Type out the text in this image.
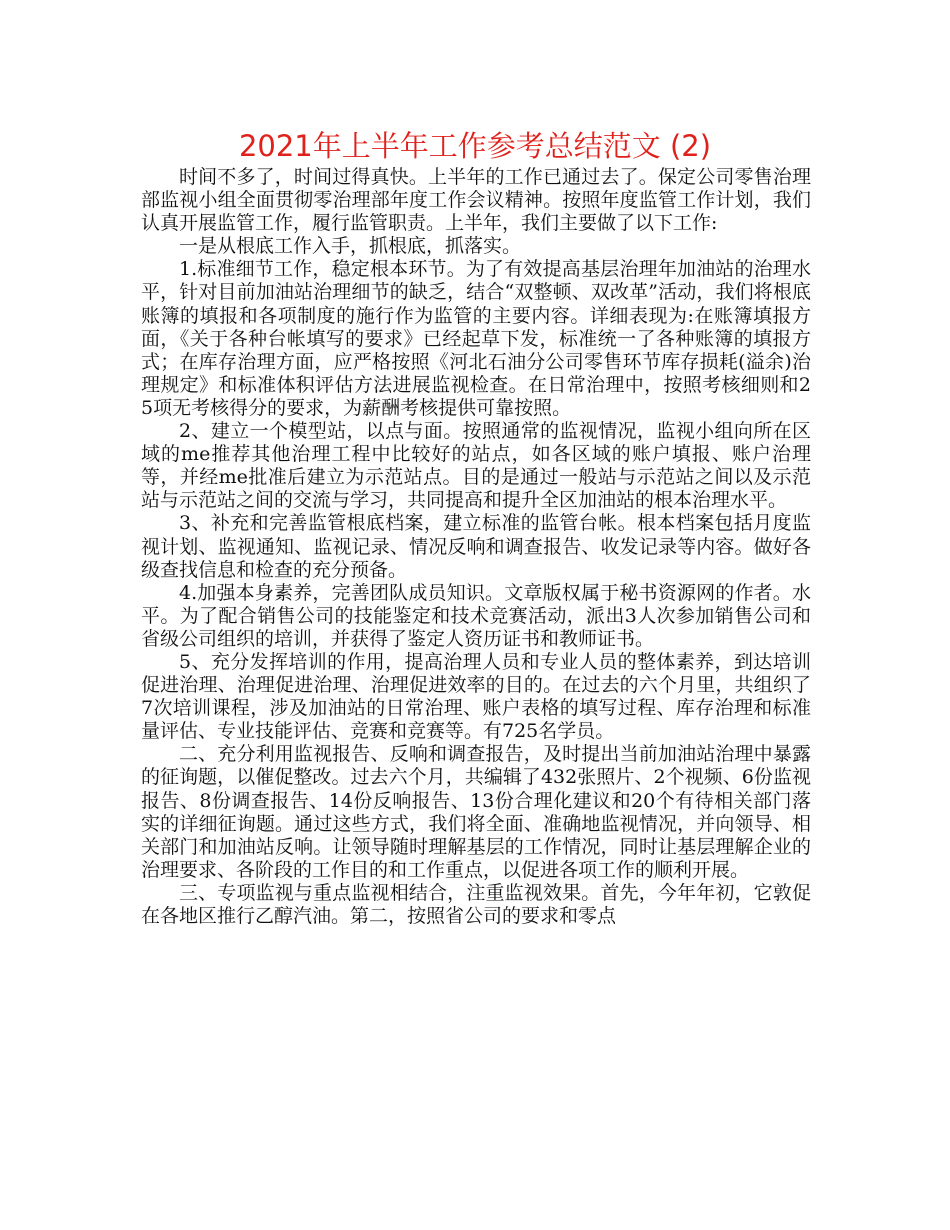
2021年上半年工作参考总结范文 (2)

时间不多了，时间过得真快。上半年的工作已通过去了。保定公司零售治理部监视小组全面贯彻零治理部年度工作会议精神。按照年度监管工作计划，我们认真开展监管工作，履行监管职责。上半年，我们主要做了以下工作:

一是从根底工作入手，抓根底，抓落实。

1.标准细节工作，稳定根本环节。为了有效提高基层治理年加油站的治理水平，针对目前加油站治理细节的缺乏，结合“双整顿、双改革”活动，我们将根底账簿的填报和各项制度的施行作为监管的主要内容。详细表现为:在账簿填报方面，《关于各种台帐填写的要求》已经起草下发，标准统一了各种账簿的填报方式；在库存治理方面，应严格按照《河北石油分公司零售环节库存损耗(溢余)治理规定》和标准体积评估方法进展监视检查。在日常治理中，按照考核细则和25项无考核得分的要求，为薪酬考核提供可靠按照。

2、建立一个模型站，以点与面。按照通常的监视情况，监视小组向所在区域的me推荐其他治理工程中比较好的站点，如各区域的账户填报、账户治理等，并经me批准后建立为示范站点。目的是通过一般站与示范站之间以及示范站与示范站之间的交流与学习，共同提高和提升全区加油站的根本治理水平。

3、补充和完善监管根底档案，建立标准的监管台帐。根本档案包括月度监视计划、监视通知、监视记录、情况反响和调查报告、收发记录等内容。做好各级查找信息和检查的充分预备。

4.加强本身素养，完善团队成员知识。文章版权属于秘书资源网的作者。水平。为了配合销售公司的技能鉴定和技术竞赛活动，派出3人次参加销售公司和省级公司组织的培训，并获得了鉴定人资历证书和教师证书。

5、充分发挥培训的作用，提高治理人员和专业人员的整体素养，到达培训促进治理、治理促进治理、治理促进效率的目的。在过去的六个月里，共组织了7次培训课程，涉及加油站的日常治理、账户表格的填写过程、库存治理和标准量评估、专业技能评估、竞赛和竞赛等。有725名学员。

二、充分利用监视报告、反响和调查报告，及时提出当前加油站治理中暴露的征询题，以催促整改。过去六个月，共编辑了432张照片、2个视频、6份监视报告、8份调查报告、14份反响报告、13份合理化建议和20个有待相关部门落实的详细征询题。通过这些方式，我们将全面、准确地监视情况，并向领导、相关部门和加油站反响。让领导随时理解基层的工作情况，同时让基层理解企业的治理要求、各阶段的工作目的和工作重点，以促进各项工作的顺利开展。

三、专项监视与重点监视相结合，注重监视效果。首先，今年年初，它敦促在各地区推行乙醇汽油。第二，按照省公司的要求和零点
